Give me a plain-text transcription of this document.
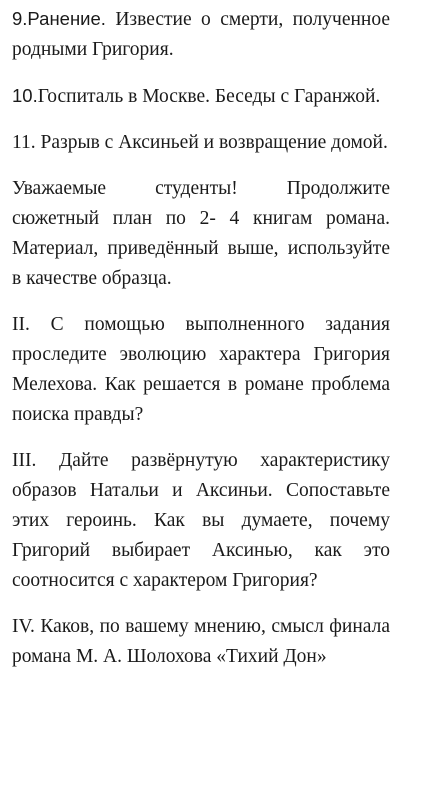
9.Ранение. Известие о смерти, полученное родными Григория.

10.Госпиталь в Москве. Беседы с Гаранжой.

11. Разрыв с Аксиньей и возвращение домой.

Уважаемые студенты! Продолжите сюжетный план по 2- 4 книгам романа. Материал, приведённый выше, используйте в качестве образца.

II. С помощью выполненного задания проследите эволюцию характера Григория Мелехова. Как решается в романе проблема поиска правды?

III. Дайте развёрнутую характеристику образов Натальи и Аксиньи. Сопоставьте этих героинь. Как вы думаете, почему Григорий выбирает Аксинью, как это соотносится с характером Григория?

IV. Каков, по вашему мнению, смысл финала романа М. А. Шолохова «Тихий Дон»
